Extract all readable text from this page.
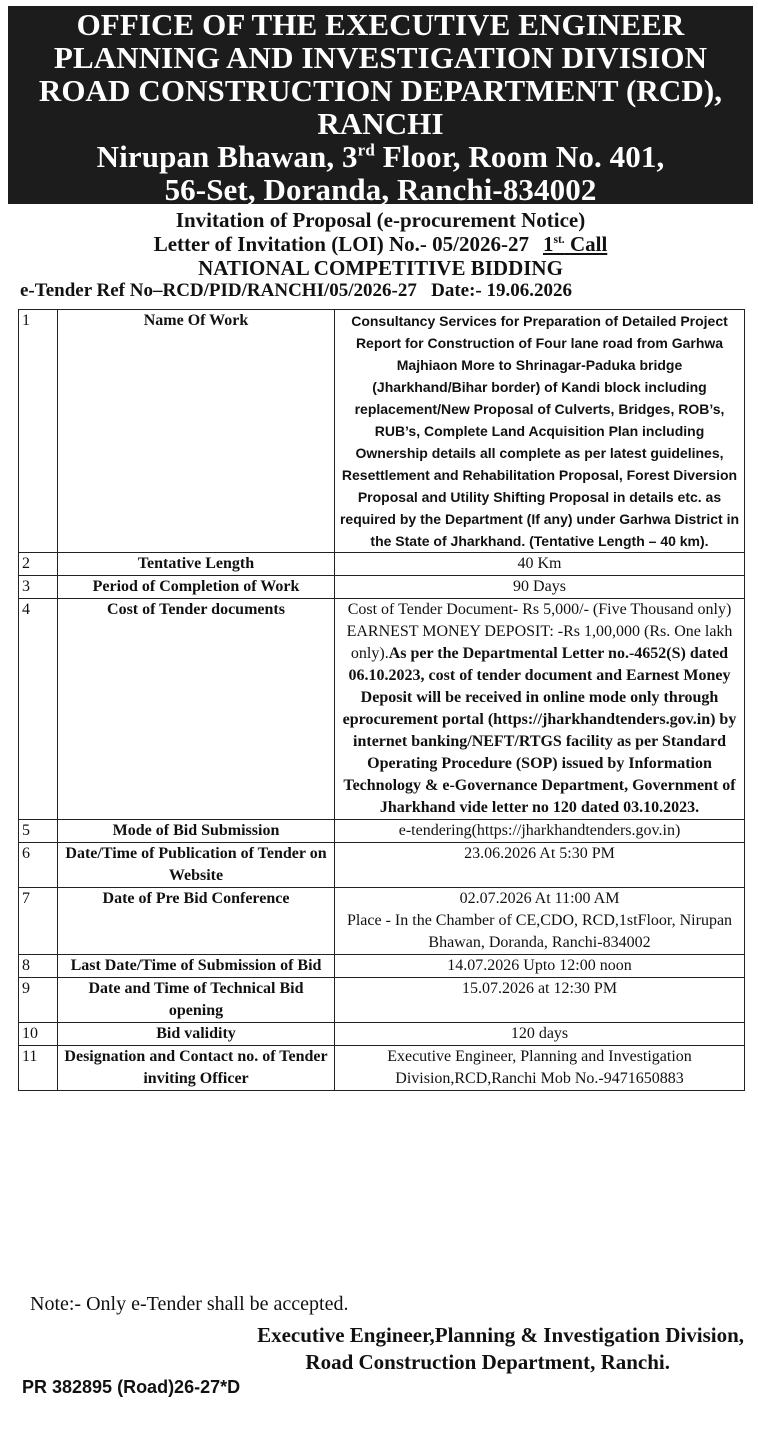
OFFICE OF THE EXECUTIVE ENGINEER
PLANNING AND INVESTIGATION DIVISION
ROAD CONSTRUCTION DEPARTMENT (RCD),
RANCHI
Nirupan Bhawan, 3rd Floor, Room No. 401,
56-Set, Doranda, Ranchi-834002
Invitation of Proposal (e-procurement Notice)
Letter of Invitation (LOI) No.- 05/2026-27 $1^{st.}$ Call
NATIONAL COMPETITIVE BIDDING
e-Tender Ref No–RCD/PID/RANCHI/05/2026-27 Date:- 19.06.2026
1	Name Of Work	Consultancy Services for Preparation of Detailed Project Report for Construction of Four lane road from Garhwa Majhiaon More to Shrinagar-Paduka bridge (Jharkhand/Bihar border) of Kandi block including replacement/New Proposal of Culverts, Bridges, ROB’s, RUB’s, Complete Land Acquisition Plan including Ownership details all complete as per latest guidelines, Resettlement and Rehabilitation Proposal, Forest Diversion Proposal and Utility Shifting Proposal in details etc. as required by the Department (If any) under Garhwa District in the State of Jharkhand. (Tentative Length – 40 km).
2	Tentative Length	40 Km
3	Period of Completion of Work	90 Days
4	Cost of Tender documents	Cost of Tender Document- Rs 5,000/- (Five Thousand only)
EARNEST MONEY DEPOSIT: -Rs 1,00,000 (Rs. One lakh only).As per the Departmental Letter no.-4652(S) dated 06.10.2023, cost of tender document and Earnest Money Deposit will be received in online mode only through eprocurement portal (https://jharkhandtenders.gov.in) by internet banking/NEFT/RTGS facility as per Standard Operating Procedure (SOP) issued by Information Technology & e-Governance Department, Government of Jharkhand vide letter no 120 dated 03.10.2023.
5	Mode of Bid Submission	e-tendering(https://jharkhandtenders.gov.in)
6	Date/Time of Publication of Tender on Website	23.06.2026 At 5:30 PM
7	Date of Pre Bid Conference	02.07.2026 At 11:00 AM
Place - In the Chamber of CE,CDO, RCD,1stFloor, Nirupan Bhawan, Doranda, Ranchi-834002

8	Last Date/Time of Submission of Bid	14.07.2026 Upto 12:00 noon
9	Date and Time of Technical Bid opening	15.07.2026 at 12:30 PM
10	Bid validity	120 days
11	Designation and Contact no. of Tender inviting Officer	Executive Engineer, Planning and Investigation Division,RCD,Ranchi Mob No.-9471650883
Note:- Only e-Tender shall be accepted.
Executive Engineer,Planning & Investigation Division,
Road Construction Department, Ranchi.
PR 382895 (Road)26-27*D
